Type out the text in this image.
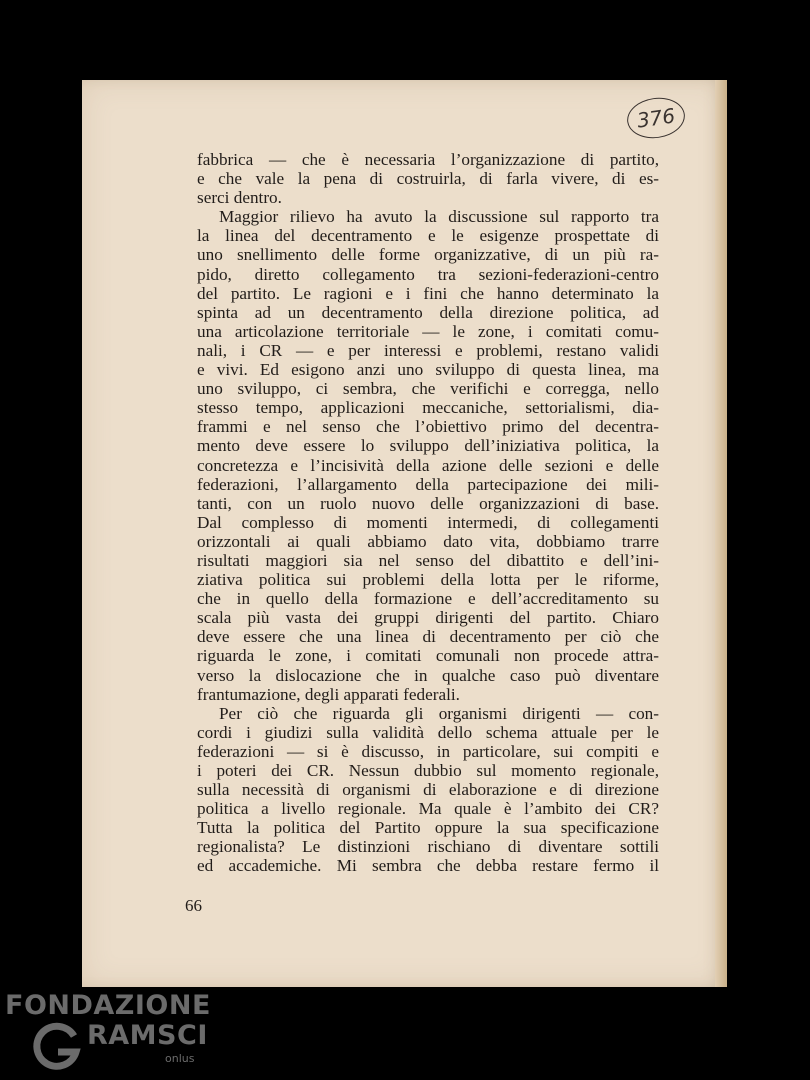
376
fabbrica — che è necessaria l’organizzazione di partito,
e che vale la pena di costruirla, di farla vivere, di es-
serci dentro.
Maggior rilievo ha avuto la discussione sul rapporto tra
la linea del decentramento e le esigenze prospettate di
uno snellimento delle forme organizzative, di un più ra-
pido, diretto collegamento tra sezioni-federazioni-centro
del partito. Le ragioni e i fini che hanno determinato la
spinta ad un decentramento della direzione politica, ad
una articolazione territoriale — le zone, i comitati comu-
nali, i CR — e per interessi e problemi, restano validi
e vivi. Ed esigono anzi uno sviluppo di questa linea, ma
uno sviluppo, ci sembra, che verifichi e corregga, nello
stesso tempo, applicazioni meccaniche, settorialismi, dia-
frammi e nel senso che l’obiettivo primo del decentra-
mento deve essere lo sviluppo dell’iniziativa politica, la
concretezza e l’incisività della azione delle sezioni e delle
federazioni, l’allargamento della partecipazione dei mili-
tanti, con un ruolo nuovo delle organizzazioni di base.
Dal complesso di momenti intermedi, di collegamenti
orizzontali ai quali abbiamo dato vita, dobbiamo trarre
risultati maggiori sia nel senso del dibattito e dell’ini-
ziativa politica sui problemi della lotta per le riforme,
che in quello della formazione e dell’accreditamento su
scala più vasta dei gruppi dirigenti del partito. Chiaro
deve essere che una linea di decentramento per ciò che
riguarda le zone, i comitati comunali non procede attra-
verso la dislocazione che in qualche caso può diventare
frantumazione, degli apparati federali.
Per ciò che riguarda gli organismi dirigenti — con-
cordi i giudizi sulla validità dello schema attuale per le
federazioni — si è discusso, in particolare, sui compiti e
i poteri dei CR. Nessun dubbio sul momento regionale,
sulla necessità di organismi di elaborazione e di direzione
politica a livello regionale. Ma quale è l’ambito dei CR?
Tutta la politica del Partito oppure la sua specificazione
regionalista? Le distinzioni rischiano di diventare sottili
ed accademiche. Mi sembra che debba restare fermo il
66
FONDAZIONE
RAMSCI
onlus
